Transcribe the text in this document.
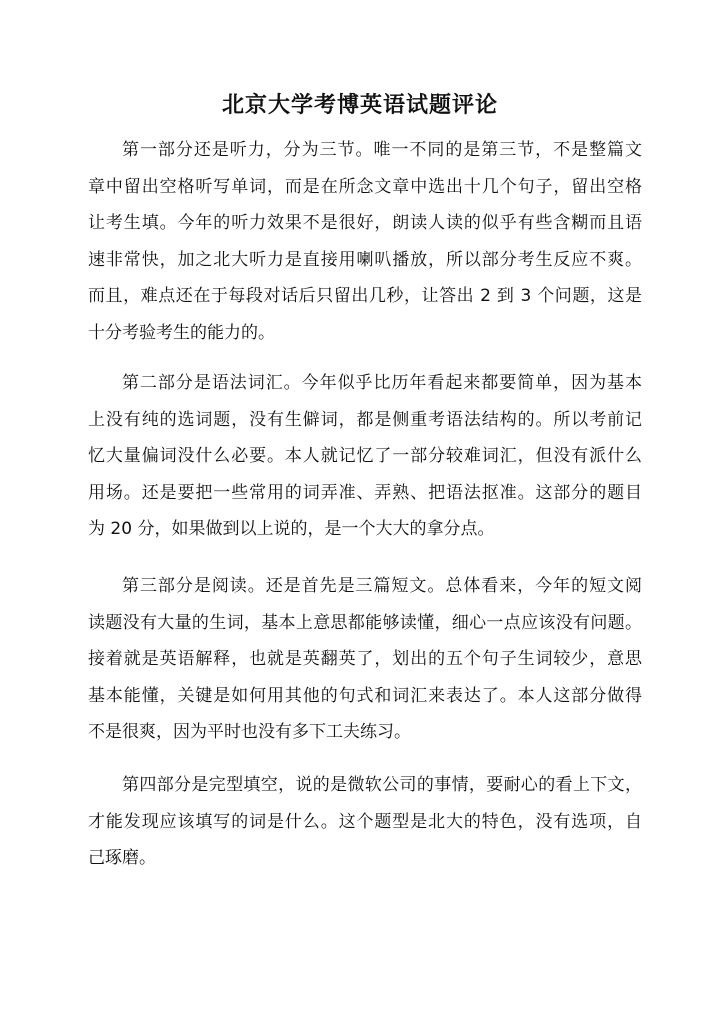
北京大学考博英语试题评论
第一部分还是听力，分为三节。唯一不同的是第三节，不是整篇文
章中留出空格听写单词，而是在所念文章中选出十几个句子，留出空格
让考生填。今年的听力效果不是很好，朗读人读的似乎有些含糊而且语
速非常快，加之北大听力是直接用喇叭播放，所以部分考生反应不爽。
而且，难点还在于每段对话后只留出几秒，让答出 2 到 3 个问题，这是
十分考验考生的能力的。
第二部分是语法词汇。今年似乎比历年看起来都要简单，因为基本
上没有纯的选词题，没有生僻词，都是侧重考语法结构的。所以考前记
忆大量偏词没什么必要。本人就记忆了一部分较难词汇，但没有派什么
用场。还是要把一些常用的词弄准、弄熟、把语法抠准。这部分的题目
为 20 分，如果做到以上说的，是一个大大的拿分点。
第三部分是阅读。还是首先是三篇短文。总体看来，今年的短文阅
读题没有大量的生词，基本上意思都能够读懂，细心一点应该没有问题。
接着就是英语解释，也就是英翻英了，划出的五个句子生词较少，意思
基本能懂，关键是如何用其他的句式和词汇来表达了。本人这部分做得
不是很爽，因为平时也没有多下工夫练习。
第四部分是完型填空，说的是微软公司的事情，要耐心的看上下文，
才能发现应该填写的词是什么。这个题型是北大的特色，没有选项，自
己琢磨。
